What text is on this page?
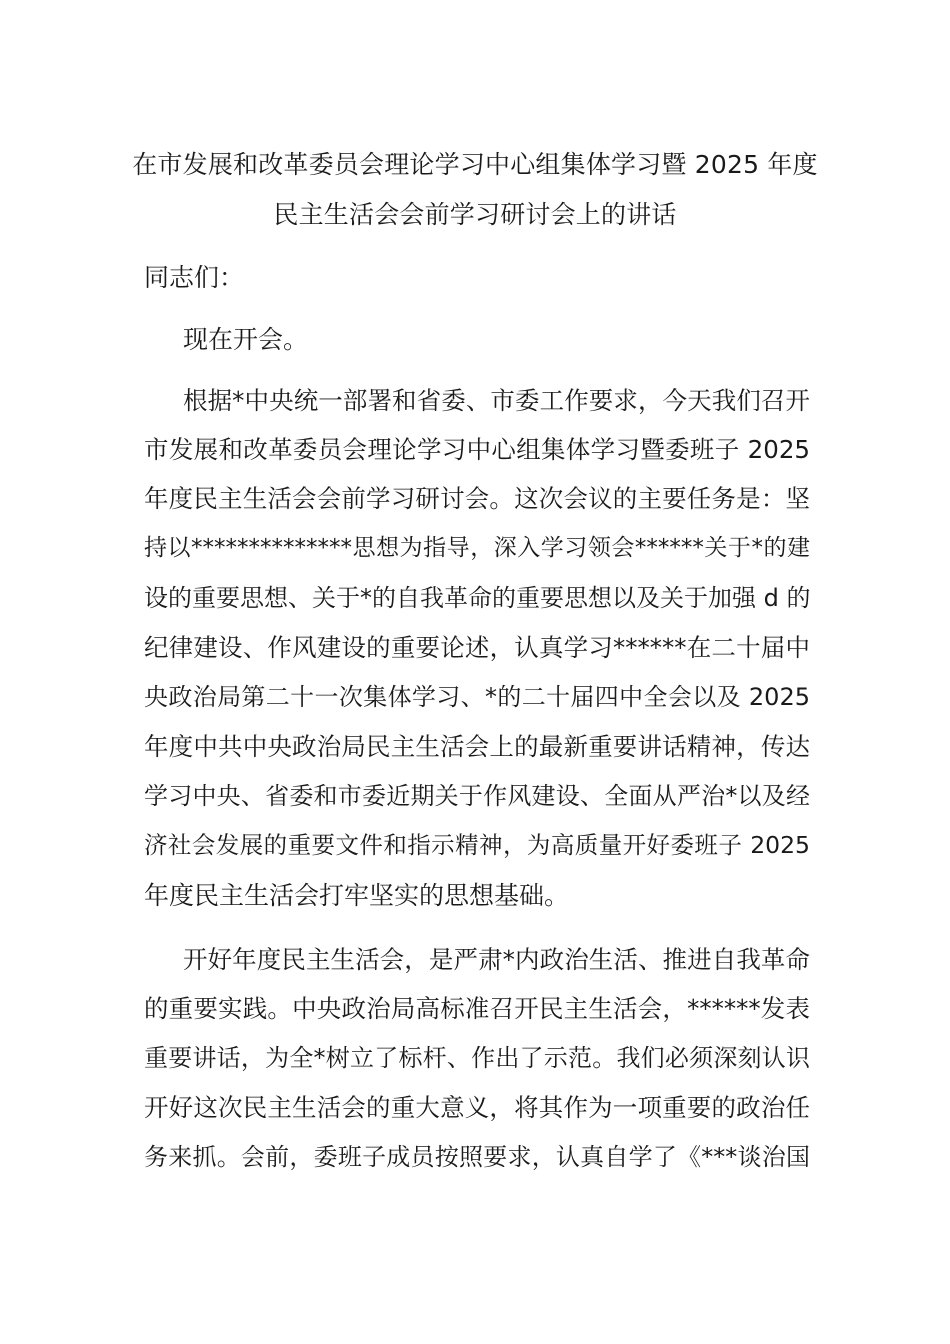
在市发展和改革委员会理论学习中心组集体学习暨 2025 年度
民主生活会会前学习研讨会上的讲话

同志们：

现在开会。

根据*中央统一部署和省委、市委工作要求，今天我们召开

市发展和改革委员会理论学习中心组集体学习暨委班子 2025

年度民主生活会会前学习研讨会。这次会议的主要任务是：坚

持以**************思想为指导，深入学习领会******关于*的建

设的重要思想、关于*的自我革命的重要思想以及关于加强 d 的

纪律建设、作风建设的重要论述，认真学习******在二十届中

央政治局第二十一次集体学习、*的二十届四中全会以及 2025

年度中共中央政治局民主生活会上的最新重要讲话精神，传达

学习中央、省委和市委近期关于作风建设、全面从严治*以及经

济社会发展的重要文件和指示精神，为高质量开好委班子 2025

年度民主生活会打牢坚实的思想基础。

开好年度民主生活会，是严肃*内政治生活、推进自我革命

的重要实践。中央政治局高标准召开民主生活会，******发表

重要讲话，为全*树立了标杆、作出了示范。我们必须深刻认识

开好这次民主生活会的重大意义，将其作为一项重要的政治任

务来抓。会前，委班子成员按照要求，认真自学了《***谈治国
